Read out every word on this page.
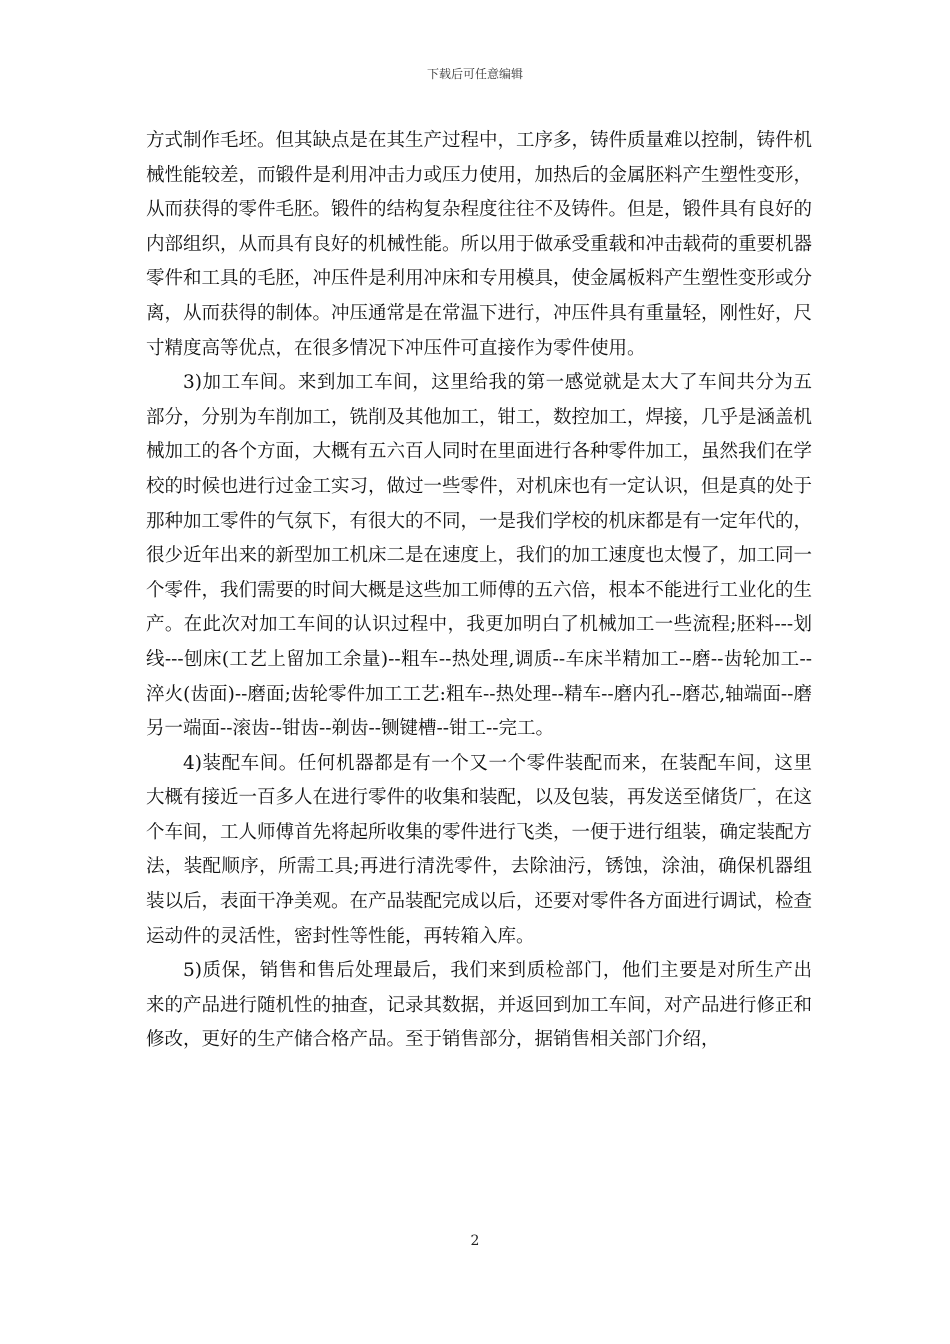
下载后可任意编辑

方式制作毛坯。但其缺点是在其生产过程中，工序多，铸件质量难以控制，铸件机械性能较差，而锻件是利用冲击力或压力使用，加热后的金属胚料产生塑性变形，从而获得的零件毛胚。锻件的结构复杂程度往往不及铸件。但是，锻件具有良好的内部组织，从而具有良好的机械性能。所以用于做承受重载和冲击载荷的重要机器零件和工具的毛胚，冲压件是利用冲床和专用模具，使金属板料产生塑性变形或分离，从而获得的制体。冲压通常是在常温下进行，冲压件具有重量轻，刚性好，尺寸精度高等优点，在很多情况下冲压件可直接作为零件使用。

3)加工车间。来到加工车间，这里给我的第一感觉就是太大了车间共分为五部分，分别为车削加工，铣削及其他加工，钳工，数控加工，焊接，几乎是涵盖机械加工的各个方面，大概有五六百人同时在里面进行各种零件加工，虽然我们在学校的时候也进行过金工实习，做过一些零件，对机床也有一定认识，但是真的处于那种加工零件的气氛下，有很大的不同，一是我们学校的机床都是有一定年代的，很少近年出来的新型加工机床二是在速度上，我们的加工速度也太慢了，加工同一个零件，我们需要的时间大概是这些加工师傅的五六倍，根本不能进行工业化的生产。在此次对加工车间的认识过程中，我更加明白了机械加工一些流程;胚料---划线---刨床(工艺上留加工余量)--粗车--热处理,调质--车床半精加工--磨--齿轮加工--淬火(齿面)--磨面;齿轮零件加工工艺:粗车--热处理--精车--磨内孔--磨芯,轴端面--磨另一端面--滚齿--钳齿--剃齿--铡键槽--钳工--完工。

4)装配车间。任何机器都是有一个又一个零件装配而来，在装配车间，这里大概有接近一百多人在进行零件的收集和装配，以及包装，再发送至储货厂，在这个车间，工人师傅首先将起所收集的零件进行飞类，一便于进行组装，确定装配方法，装配顺序，所需工具;再进行清洗零件，去除油污，锈蚀，涂油，确保机器组装以后，表面干净美观。在产品装配完成以后，还要对零件各方面进行调试，检查运动件的灵活性，密封性等性能，再转箱入库。

5)质保，销售和售后处理最后，我们来到质检部门，他们主要是对所生产出来的产品进行随机性的抽查，记录其数据，并返回到加工车间，对产品进行修正和修改，更好的生产储合格产品。至于销售部分，据销售相关部门介绍，

2
